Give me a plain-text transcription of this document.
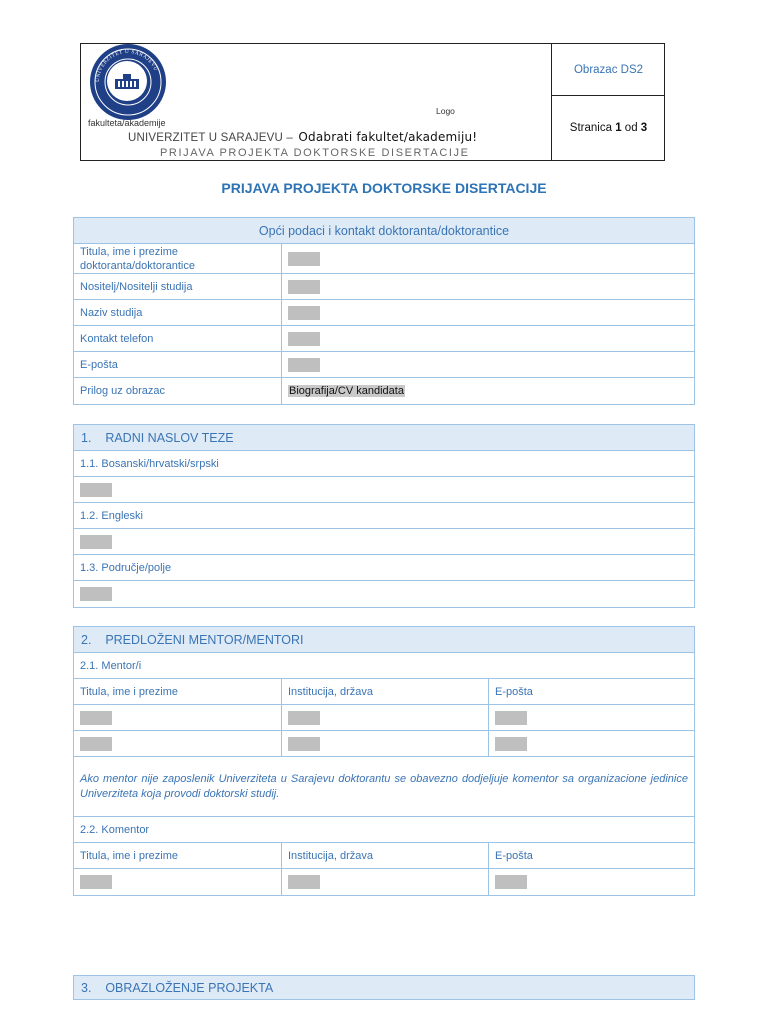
UNIVERZITET U SARAJEVU
fakulteta/akademije
Logo
UNIVERZITET U SARAJEVU – Odabrati fakultet/akademiju!
PRIJAVA PROJEKTA DOKTORSKE DISERTACIJE
Obrazac DS2
Stranica
1
od
3
PRIJAVA PROJEKTA DOKTORSKE DISERTACIJE
Opći podaci i kontakt doktoranta/doktorantice
Titula, ime i prezime doktoranta/doktorantice
Nositelj/Nositelji studija
Naziv studija
Kontakt telefon
E-pošta
Prilog uz obrazac	Biografija/CV kandidata
1.    RADNI NASLOV TEZE
1.1. Bosanski/hrvatski/srpski
1.2. Engleski
1.3. Područje/polje
2.    PREDLOŽENI MENTOR/MENTORI
2.1. Mentor/i
Titula, ime i prezime	Institucija, država	E-pošta
Ako mentor nije zaposlenik Univerziteta u Sarajevu doktorantu se obavezno dodjeljuje komentor sa organizacione jedinice Univerziteta koja provodi doktorski studij.
2.2. Komentor
Titula, ime i prezime	Institucija, država	E-pošta
3.    OBRAZLOŽENJE PROJEKTA
